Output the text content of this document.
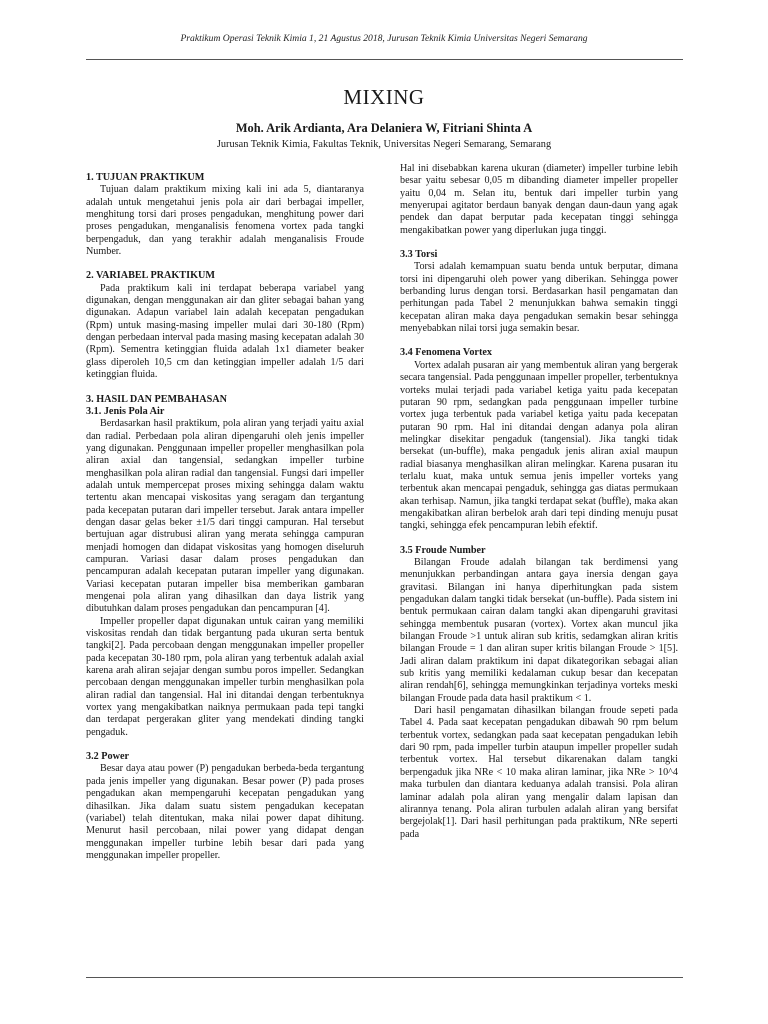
Praktikum Operasi Teknik Kimia 1, 21 Agustus 2018, Jurusan Teknik Kimia Universitas Negeri Semarang
MIXING
Moh. Arik Ardianta, Ara Delaniera W, Fitriani Shinta A
Jurusan Teknik Kimia, Fakultas Teknik, Universitas Negeri Semarang, Semarang
1. TUJUAN PRAKTIKUM

Tujuan dalam praktikum mixing kali ini ada 5, diantaranya adalah untuk mengetahui jenis pola air dari berbagai impeller, menghitung torsi dari proses pengadukan, menghitung power dari proses pengadukan, menganalisis fenomena vortex pada tangki berpengaduk, dan yang terakhir adalah menganalisis Froude Number.

2. VARIABEL PRAKTIKUM

Pada praktikum kali ini terdapat beberapa variabel yang digunakan, dengan menggunakan air dan gliter sebagai bahan yang digunakan. Adapun variabel lain adalah kecepatan pengadukan (Rpm) untuk masing-masing impeller mulai dari 30-180 (Rpm) dengan perbedaan interval pada masing masing kecepatan adalah 30 (Rpm). Sementra ketinggian fluida adalah 1x1 diameter beaker glass diperoleh 10,5 cm dan ketinggian impeller adalah 1/5 dari ketinggian fluida.

3. HASIL DAN PEMBAHASAN
3.1. Jenis Pola Air

Berdasarkan hasil praktikum, pola aliran yang terjadi yaitu axial dan radial. Perbedaan pola aliran dipengaruhi oleh jenis impeller yang digunakan. Penggunaan impeller propeller menghasilkan pola aliran axial dan tangensial, sedangkan impeller turbine menghasilkan pola aliran radial dan tangensial. Fungsi dari impeller adalah untuk mempercepat proses mixing sehingga dalam waktu tertentu akan mencapai viskositas yang seragam dan tergantung pada kecepatan putaran dari impeller tersebut. Jarak antara impeller dengan dasar gelas beker ±1/5 dari tinggi campuran. Hal tersebut bertujuan agar distrubusi aliran yang merata sehingga campuran menjadi homogen dan didapat viskositas yang homogen diseluruh campuran. Variasi dasar dalam proses pengadukan dan pencampuran adalah kecepatan putaran impeller yang digunakan. Variasi kecepatan putaran impeller bisa memberikan gambaran mengenai pola aliran yang dihasilkan dan daya listrik yang dibutuhkan dalam proses pengadukan dan pencampuran [4].

Impeller propeller dapat digunakan untuk cairan yang memiliki viskositas rendah dan tidak bergantung pada ukuran serta bentuk tangki[2]. Pada percobaan dengan menggunakan impeller propeller pada kecepatan 30-180 rpm, pola aliran yang terbentuk adalah axial karena arah aliran sejajar dengan sumbu poros impeller. Sedangkan percobaan dengan menggunakan impeller turbin menghasilkan pola aliran radial dan tangensial. Hal ini ditandai dengan terbentuknya vortex yang mengakibatkan naiknya permukaan pada tepi tangki dan terdapat pergerakan gliter yang mendekati dinding tangki pengaduk.

3.2 Power

Besar daya atau power (P) pengadukan berbeda-beda tergantung pada jenis impeller yang digunakan. Besar power (P) pada proses pengadukan akan mempengaruhi kecepatan pengadukan yang dihasilkan. Jika dalam suatu sistem pengadukan kecepatan (variabel) telah ditentukan, maka nilai power dapat dihitung. Menurut hasil percobaan, nilai power yang didapat dengan menggunakan impeller turbine lebih besar dari pada yang menggunakan impeller propeller.

Hal ini disebabkan karena ukuran (diameter) impeller turbine lebih besar yaitu sebesar 0,05 m dibanding diameter impeller propeller yaitu 0,04 m. Selan itu, bentuk dari impeller turbin yang menyerupai agitator berdaun banyak dengan daun-daun yang agak pendek dan dapat berputar pada kecepatan tinggi sehingga mengakibatkan power yang diperlukan juga tinggi.

3.3 Torsi

Torsi adalah kemampuan suatu benda untuk berputar, dimana torsi ini dipengaruhi oleh power yang diberikan. Sehingga power berbanding lurus dengan torsi. Berdasarkan hasil pengamatan dan perhitungan pada Tabel 2 menunjukkan bahwa semakin tinggi kecepatan aliran maka daya pengadukan semakin besar sehingga menyebabkan nilai torsi juga semakin besar.

3.4 Fenomena Vortex

Vortex adalah pusaran air yang membentuk aliran yang bergerak secara tangensial. Pada penggunaan impeller propeller, terbentuknya vorteks mulai terjadi pada variabel ketiga yaitu pada kecepatan putaran 90 rpm, sedangkan pada penggunaan impeller turbine vortex juga terbentuk pada variabel ketiga yaitu pada kecepatan putaran 90 rpm. Hal ini ditandai dengan adanya pola aliran melingkar disekitar pengaduk (tangensial). Jika tangki tidak bersekat (un-buffle), maka pengaduk jenis aliran axial maupun radial biasanya menghasilkan aliran melingkar. Karena pusaran itu terlalu kuat, maka untuk semua jenis impeller vorteks yang terbentuk akan mencapai pengaduk, sehingga gas diatas permukaan akan terhisap. Namun, jika tangki terdapat sekat (buffle), maka akan mengakibatkan aliran berbelok arah dari tepi dinding menuju pusat tangki, sehingga efek pencampuran lebih efektif.

3.5 Froude Number

Bilangan Froude adalah bilangan tak berdimensi yang menunjukkan perbandingan antara gaya inersia dengan gaya gravitasi. Bilangan ini hanya diperhitungkan pada sistem pengadukan dalam tangki tidak bersekat (un-buffle). Pada sistem ini bentuk permukaan cairan dalam tangki akan dipengaruhi gravitasi sehingga membentuk pusaran (vortex). Vortex akan muncul jika bilangan Froude >1 untuk aliran sub kritis, sedamgkan aliran kritis bilangan Froude = 1 dan aliran super kritis bilangan Froude > 1[5]. Jadi aliran dalam praktikum ini dapat dikategorikan sebagai alian sub kritis yang memiliki kedalaman cukup besar dan kecepatan aliran rendah[6], sehingga memungkinkan terjadinya vorteks meski bilangan Froude pada data hasil praktikum < 1.

Dari hasil pengamatan dihasilkan bilangan froude sepeti pada Tabel 4. Pada saat kecepatan pengadukan dibawah 90 rpm belum terbentuk vortex, sedangkan pada saat kecepatan pengadukan lebih dari 90 rpm, pada impeller turbin ataupun impeller propeller sudah terbentuk vortex. Hal tersebut dikarenakan dalam tangki berpengaduk jika NRe < 10 maka aliran laminar, jika NRe > 10^4 maka turbulen dan diantara keduanya adalah transisi. Pola aliran laminar adalah pola aliran yang mengalir dalam lapisan dan alirannya tenang. Pola aliran turbulen adalah aliran yang bersifat bergejolak[1]. Dari hasil perhitungan pada praktikum, NRe seperti pada
